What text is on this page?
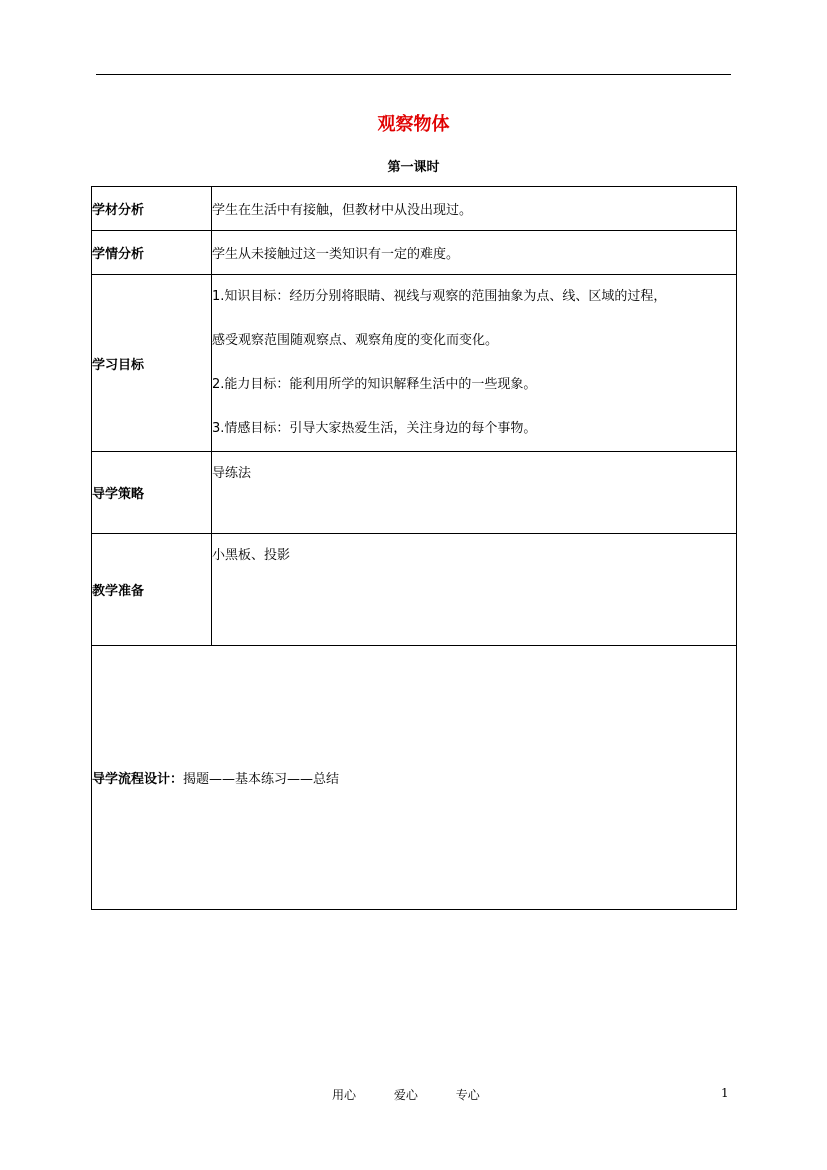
观察物体
第一课时
学材分析	学生在生活中有接触，但教材中从没出现过。
学情分析	学生从未接触过这一类知识有一定的难度。
学习目标	1.知识目标：经历分别将眼睛、视线与观察的范围抽象为点、线、区域的过程，
感受观察范围随观察点、观察角度的变化而变化。
2.能力目标：能利用所学的知识解释生活中的一些现象。
3.情感目标：引导大家热爱生活，关注身边的每个事物。

导学策略	导练法
教学准备	小黑板、投影
导学流程设计：揭题——基本练习——总结	
用心	爱心	专心	1
